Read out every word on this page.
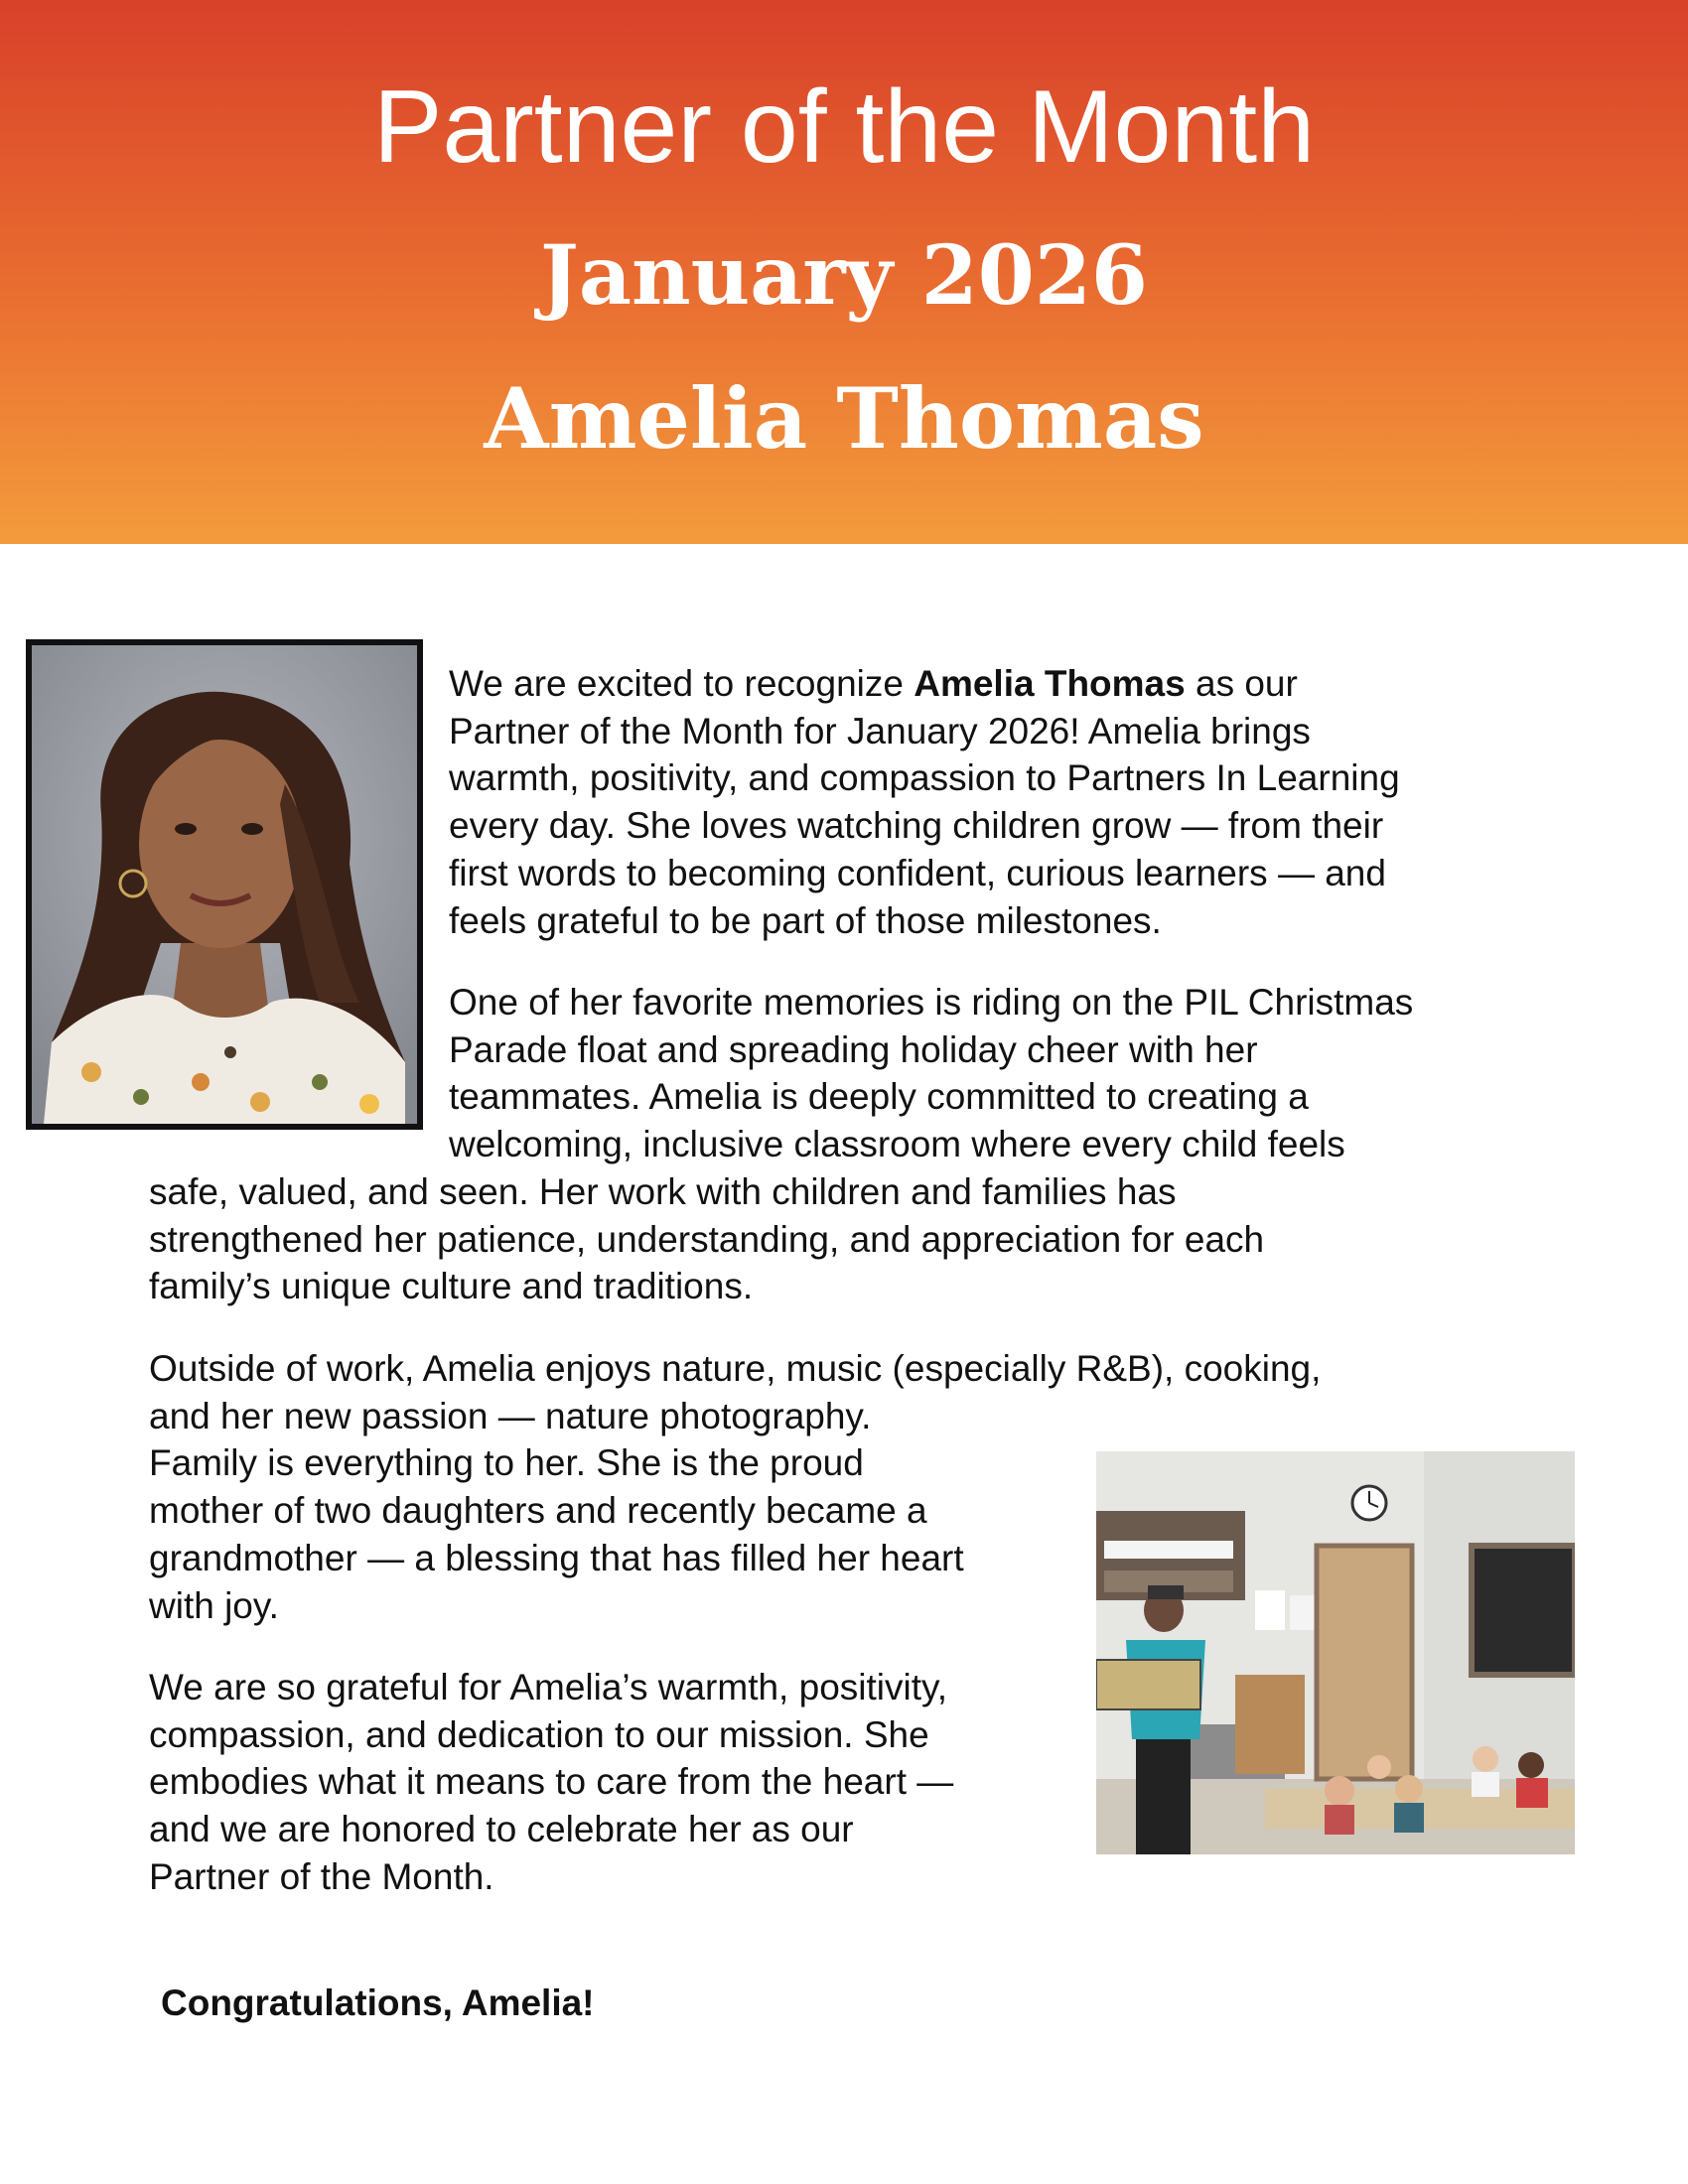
Partner of the Month
January 2026
Amelia Thomas
We are excited to recognize Amelia Thomas as our
Partner of the Month for January 2026! Amelia brings
warmth, positivity, and compassion to Partners In Learning
every day. She loves watching children grow — from their
first words to becoming confident, curious learners — and
feels grateful to be part of those milestones.
One of her favorite memories is riding on the PIL Christmas
Parade float and spreading holiday cheer with her
teammates. Amelia is deeply committed to creating a
welcoming, inclusive classroom where every child feels
safe, valued, and seen. Her work with children and families has
strengthened her patience, understanding, and appreciation for each
family’s unique culture and traditions.
Outside of work, Amelia enjoys nature, music (especially R&B), cooking,
and her new passion — nature photography.
Family is everything to her. She is the proud
mother of two daughters and recently became a
grandmother — a blessing that has filled her heart
with joy.
We are so grateful for Amelia’s warmth, positivity,
compassion, and dedication to our mission. She
embodies what it means to care from the heart —
and we are honored to celebrate her as our
Partner of the Month.
Congratulations, Amelia!
